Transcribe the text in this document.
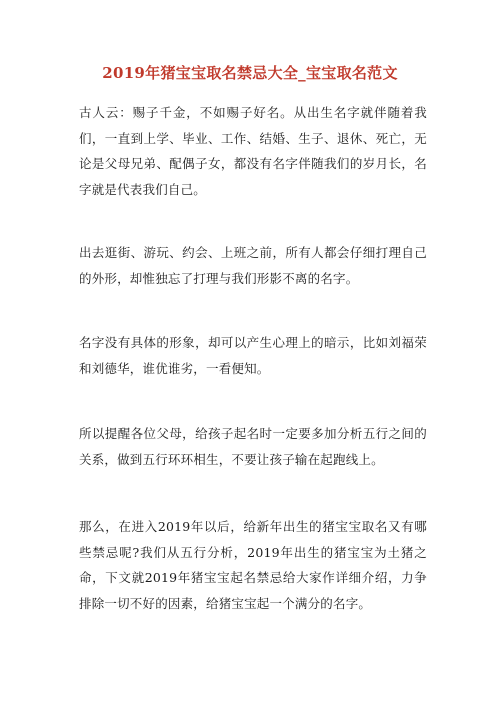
2019年猪宝宝取名禁忌大全_宝宝取名范文

古人云：赐子千金，不如赐子好名。从出生名字就伴随着我们，一直到上学、毕业、工作、结婚、生子、退休、死亡，无论是父母兄弟、配偶子女，都没有名字伴随我们的岁月长，名字就是代表我们自己。

出去逛街、游玩、约会、上班之前，所有人都会仔细打理自己的外形，却惟独忘了打理与我们形影不离的名字。

名字没有具体的形象，却可以产生心理上的暗示，比如刘福荣和刘德华，谁优谁劣，一看便知。

所以提醒各位父母，给孩子起名时一定要多加分析五行之间的关系，做到五行环环相生，不要让孩子输在起跑线上。

那么，在进入2019年以后，给新年出生的猪宝宝取名又有哪些禁忌呢?我们从五行分析，2019年出生的猪宝宝为土猪之命，下文就2019年猪宝宝起名禁忌给大家作详细介绍，力争排除一切不好的因素，给猪宝宝起一个满分的名字。
